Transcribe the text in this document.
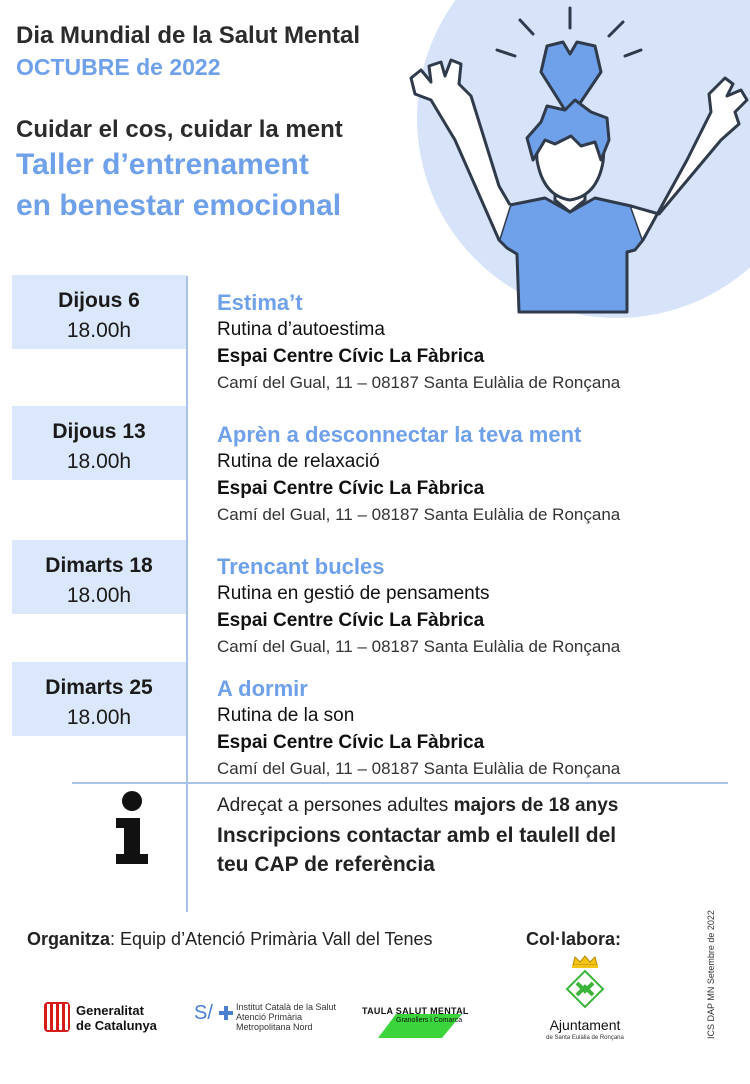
Dia Mundial de la Salut Mental
OCTUBRE de 2022
Cuidar el cos, cuidar la ment
Taller d’entrenament
en benestar emocional
Dijous 6
18.00h
Estima’t
Rutina d’autoestima
Espai Centre Cívic La Fàbrica
Camí del Gual, 11 – 08187 Santa Eulàlia de Ronçana
Dijous 13
18.00h
Aprèn a desconnectar la teva ment
Rutina de relaxació
Espai Centre Cívic La Fàbrica
Camí del Gual, 11 – 08187 Santa Eulàlia de Ronçana
Dimarts 18
18.00h
Trencant bucles
Rutina en gestió de pensaments
Espai Centre Cívic La Fàbrica
Camí del Gual, 11 – 08187 Santa Eulàlia de Ronçana
Dimarts 25
18.00h
A dormir
Rutina de la son
Espai Centre Cívic La Fàbrica
Camí del Gual, 11 – 08187 Santa Eulàlia de Ronçana
Adreçat a persones adultes majors de 18 anys
Inscripcions contactar amb el taulell del
teu CAP de referència
Organitza: Equip d’Atenció Primària Vall del Tenes	Col·labora:	ICS DAP MN Setembre de 2022
Generalitat
de Catalunya
S/	Institut Català de la Salut
Atenció Primària
Metropolitana Nord
TAULA SALUT MENTAL
Granollers i Comarca	Ajuntament
de Santa Eulàlia de Ronçana
